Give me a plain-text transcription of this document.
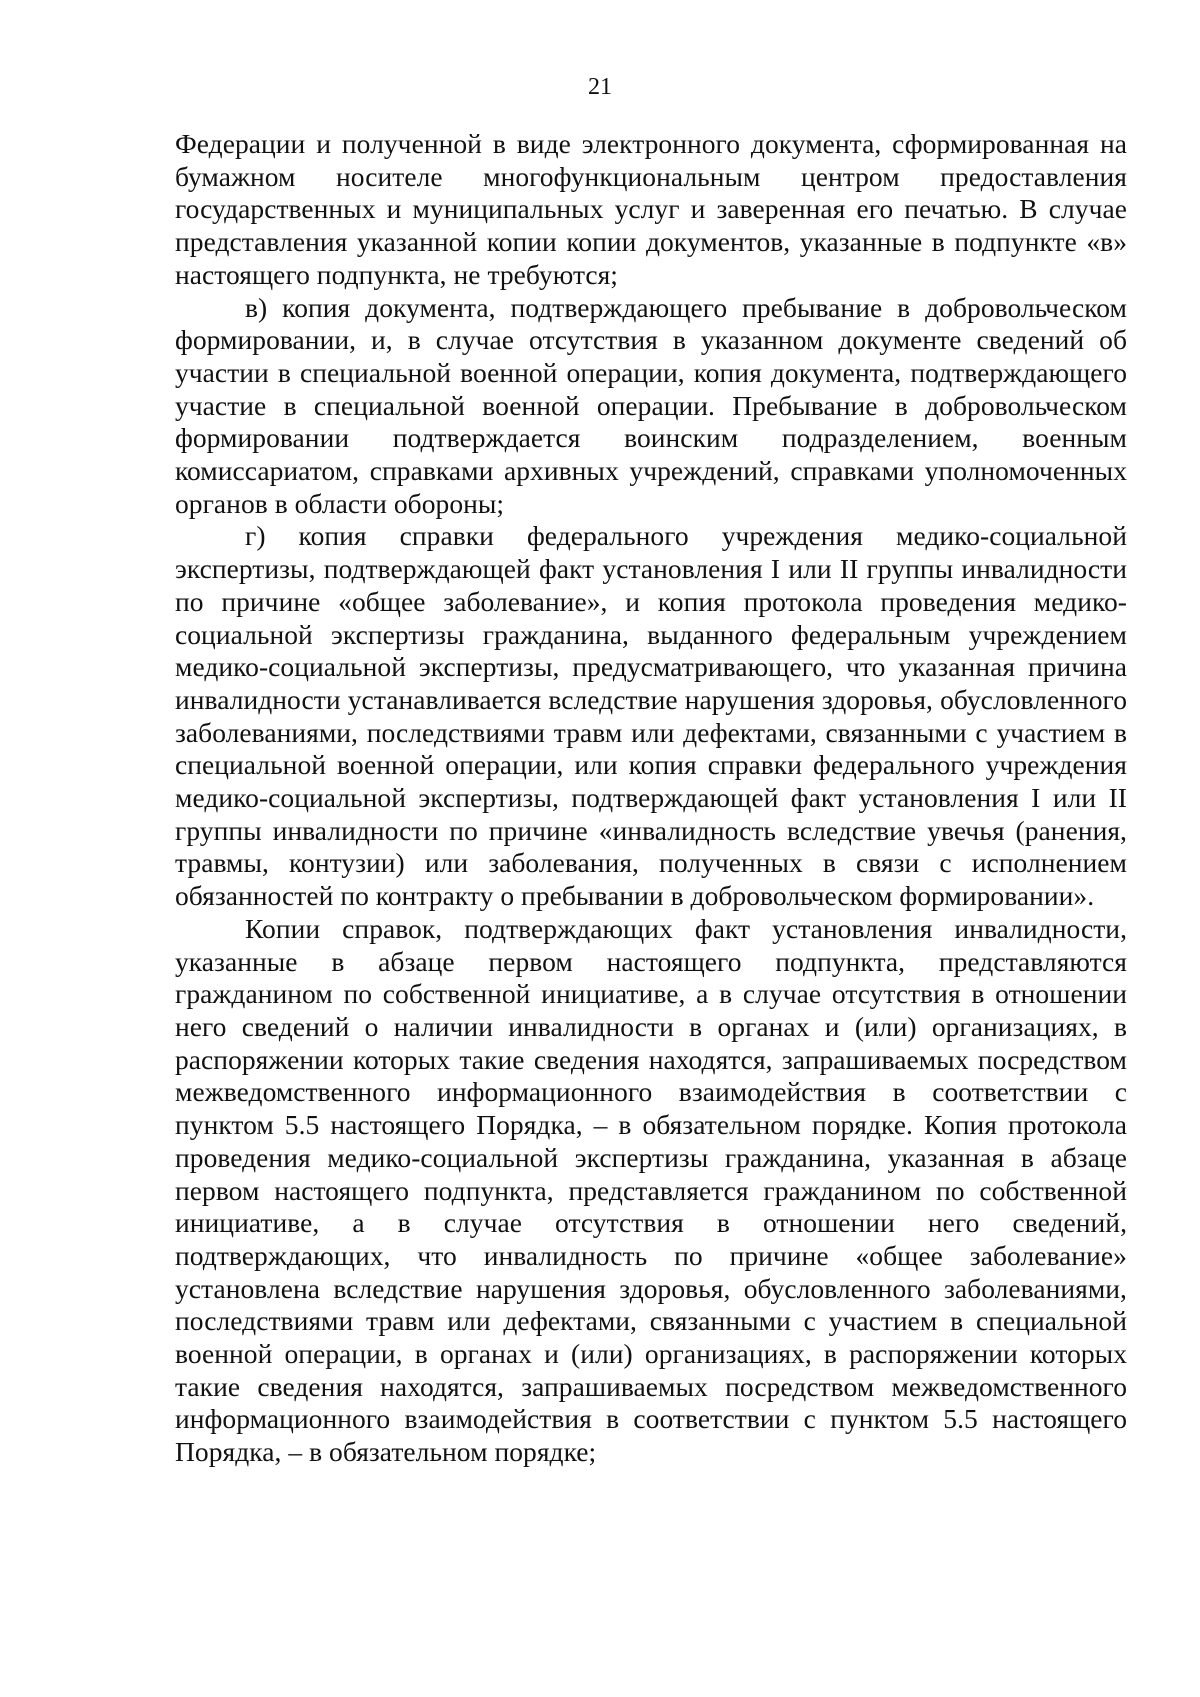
21

Федерации и полученной в виде электронного документа, сформированная на бумажном носителе многофункциональным центром предоставления государственных и муниципальных услуг и заверенная его печатью. В случае представления указанной копии копии документов, указанные в подпункте «в» настоящего подпункта, не требуются;

в) копия документа, подтверждающего пребывание в добровольческом формировании, и, в случае отсутствия в указанном документе сведений об участии в специальной военной операции, копия документа, подтверждающего участие в специальной военной операции. Пребывание в добровольческом формировании подтверждается воинским подразделением, военным комиссариатом, справками архивных учреждений, справками уполномоченных органов в области обороны;

г) копия справки федерального учреждения медико-социальной экспертизы, подтверждающей факт установления I или II группы инвалидности по причине «общее заболевание», и копия протокола проведения медико-социальной экспертизы гражданина, выданного федеральным учреждением медико-социальной экспертизы, предусматривающего, что указанная причина инвалидности устанавливается вследствие нарушения здоровья, обусловленного заболеваниями, последствиями травм или дефектами, связанными с участием в специальной военной операции, или копия справки федерального учреждения медико-социальной экспертизы, подтверждающей факт установления I или II группы инвалидности по причине «инвалидность вследствие увечья (ранения, травмы, контузии) или заболевания, полученных в связи с исполнением обязанностей по контракту о пребывании в добровольческом формировании».

Копии справок, подтверждающих факт установления инвалидности, указанные в абзаце первом настоящего подпункта, представляются гражданином по собственной инициативе, а в случае отсутствия в отношении него сведений о наличии инвалидности в органах и (или) организациях, в распоряжении которых такие сведения находятся, запрашиваемых посредством межведомственного информационного взаимодействия в соответствии с пунктом 5.5 настоящего Порядка, – в обязательном порядке. Копия протокола проведения медико-социальной экспертизы гражданина, указанная в абзаце первом настоящего подпункта, представляется гражданином по собственной инициативе, а в случае отсутствия в отношении него сведений, подтверждающих, что инвалидность по причине «общее заболевание» установлена вследствие нарушения здоровья, обусловленного заболеваниями, последствиями травм или дефектами, связанными с участием в специальной военной операции, в органах и (или) организациях, в распоряжении которых такие сведения находятся, запрашиваемых посредством межведомственного информационного взаимодействия в соответствии с пунктом 5.5 настоящего Порядка, – в обязательном порядке;
